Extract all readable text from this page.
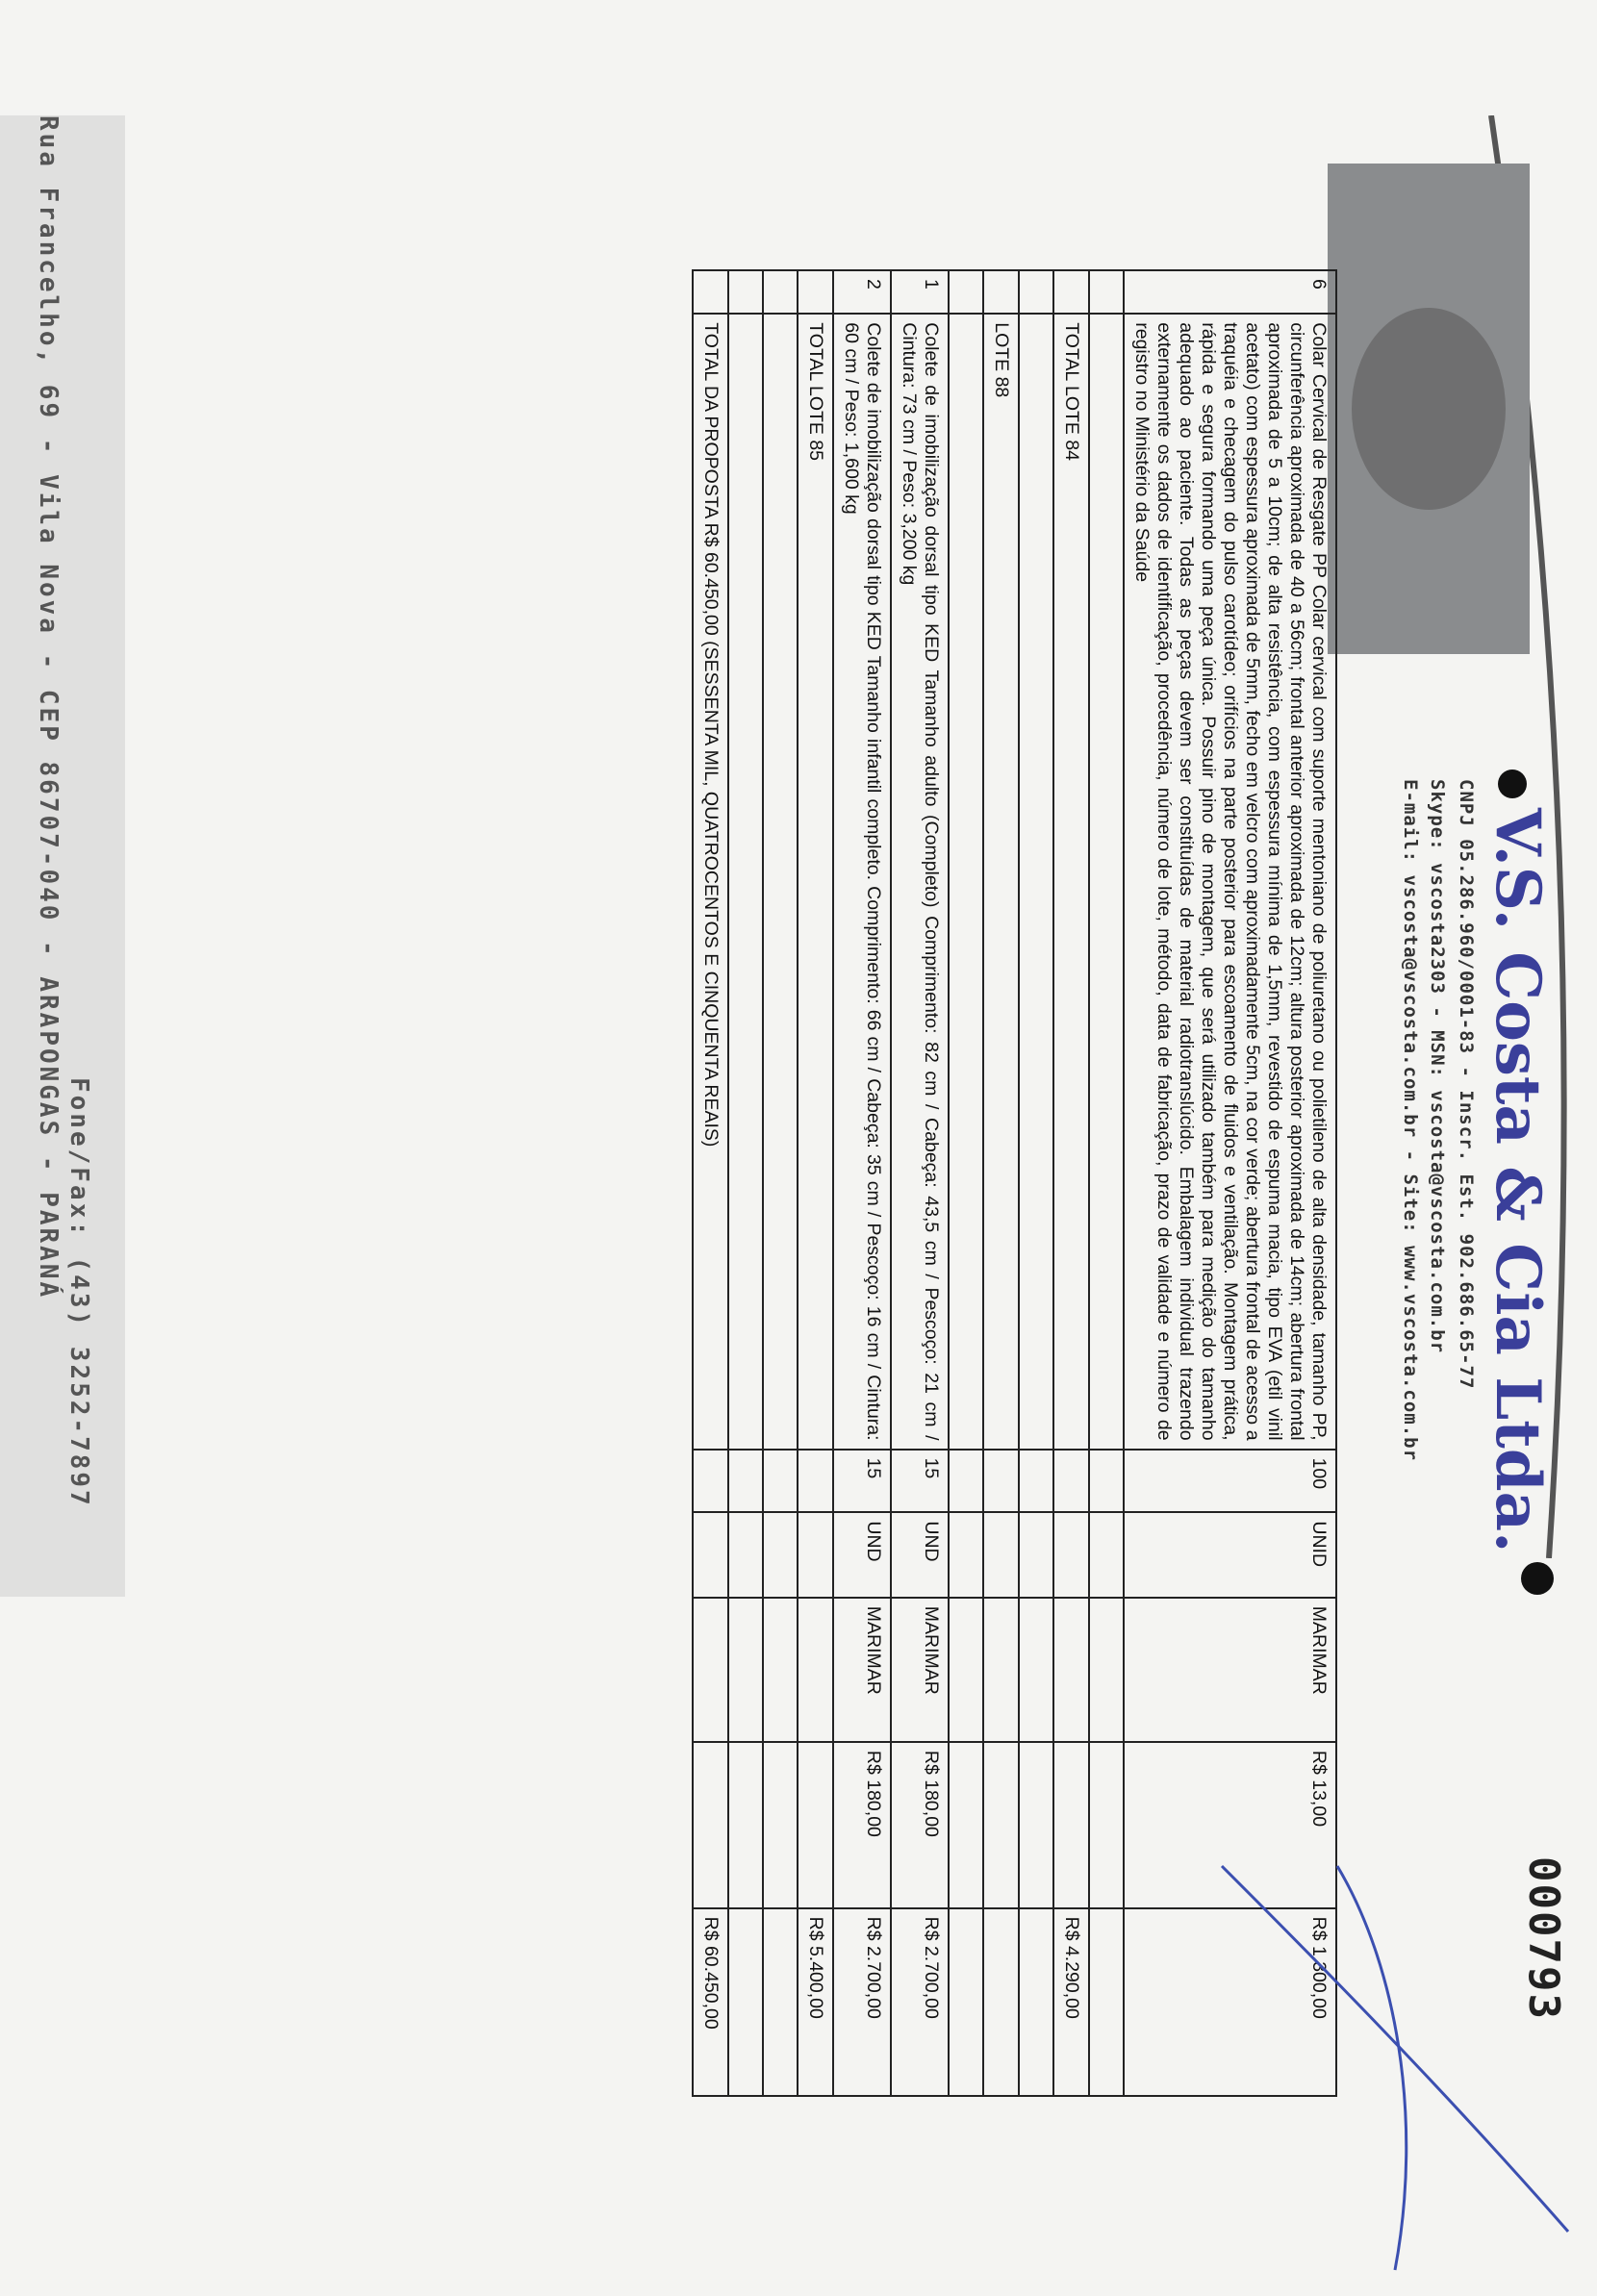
V.S. Costa & Cia Ltda.
CNPJ 05.286.960/0001-83 - Inscr. Est. 902.686.65-77
Skype: vscosta2303 - MSN: vscosta@vscosta.com.br
E-mail: vscosta@vscosta.com.br - Site: www.vscosta.com.br
000793
6	Colar Cervical de Resgate PP Colar cervical com suporte mentoniano de poliuretano ou polietileno de alta densidade, tamanho PP, circunferência aproximada de 40 a 56cm; frontal anterior aproximada de 12cm; altura posterior aproximada de 14cm; abertura frontal aproximada de 5 a 10cm; de alta resistência, com espessura mínima de 1,5mm, revestido de espuma macia, tipo EVA (etil vinil acetato) com espessura aproximada de 5mm, fecho em velcro com aproximadamente 5cm, na cor verde; abertura frontal de acesso a traquéia e checagem do pulso carotídeo; orifícios na parte posterior para escoamento de fluidos e ventilação. Montagem prática, rápida e segura formando uma peça única. Possuir pino de montagem, que será utilizado também para medição do tamanho adequado ao paciente. Todas as peças devem ser constituídas de material radiotranslúcido. Embalagem individual trazendo externamente os dados de identificação, procedência, número de lote, método, data de fabricação, prazo de validade e número de registro no Ministério da Saúde	100	UNID	MARIMAR	R$ 13,00	R$ 1.300,00

	TOTAL LOTE 84					R$ 4.290,00

	LOTE 88					

1	Colete de imobilização dorsal tipo KED Tamanho adulto (Completo) Comprimento: 82 cm / Cabeça: 43,5 cm / Pescoço: 21 cm / Cintura: 73 cm / Peso: 3,200 kg	15	UND	MARIMAR	R$ 180,00	R$ 2.700,00
2	Colete de imobilização dorsal tipo KED Tamanho infantil completo. Comprimento: 66 cm / Cabeça: 35 cm / Pescoço: 16 cm / Cintura: 60 cm / Peso: 1,600 kg	15	UND	MARIMAR	R$ 180,00	R$ 2.700,00
	TOTAL LOTE 85					R$ 5.400,00

	TOTAL DA PROPOSTA R$ 60.450,00 (SESSENTA MIL, QUATROCENTOS E CINQUENTA REAIS)					R$ 60.450,00
Fone/Fax: (43) 3252-7897
Rua Francelho, 69 - Vila Nova - CEP 86707-040 - ARAPONGAS - PARANÁ
